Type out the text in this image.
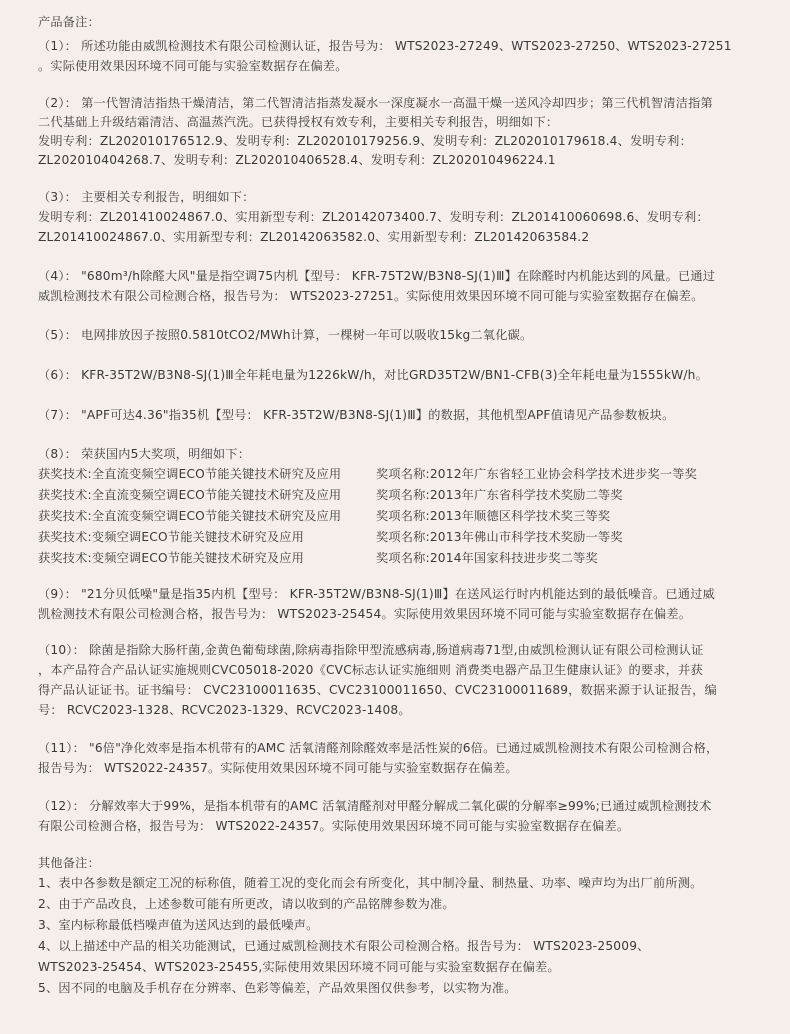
产品备注：
（1）： 所述功能由威凯检测技术有限公司检测认证，报告号为： WTS2023-27249、WTS2023-27250、WTS2023-27251
。实际使用效果因环境不同可能与实验室数据存在偏差。
（2）： 第一代智清洁指热干燥清洁，第二代智清洁指蒸发凝水一深度凝水一高温干燥一送风冷却四步；第三代机智清洁指第
二代基础上升级结霜清洁、高温蒸汽洗。已获得授权有效专利，主要相关专利报告，明细如下：
发明专利：ZL202010176512.9、发明专利：ZL202010179256.9、发明专利：ZL202010179618.4、发明专利：
ZL202010404268.7、发明专利：ZL202010406528.4、发明专利：ZL202010496224.1
（3）： 主要相关专利报告，明细如下：
发明专利：ZL201410024867.0、实用新型专利：ZL20142073400.7、发明专利：ZL201410060698.6、发明专利：
ZL201410024867.0、实用新型专利：ZL20142063582.0、实用新型专利：ZL20142063584.2
（4）： "680m³/h除醛大风"量是指空调75内机【型号： KFR-75T2W/B3N8-SJ(1)Ⅲ】在除醛时内机能达到的风量。已通过
威凯检测技术有限公司检测合格，报告号为： WTS2023-27251。实际使用效果因环境不同可能与实验室数据存在偏差。
（5）： 电网排放因子按照0.5810tCO2/MWh计算，一棵树一年可以吸收15kg二氧化碳。
（6）： KFR-35T2W/B3N8-SJ(1)Ⅲ全年耗电量为1226kW/h，对比GRD35T2W/BN1-CFB(3)全年耗电量为1555kW/h。
（7）： "APF可达4.36"指35机【型号： KFR-35T2W/B3N8-SJ(1)Ⅲ】的数据，其他机型APF值请见产品参数板块。
（8）： 荣获国内5大奖项，明细如下：
获奖技术:全直流变频空调ECO节能关键技术研究及应用	奖项名称:2012年广东省轻工业协会科学技术进步奖一等奖
获奖技术:全直流变频空调ECO节能关键技术研究及应用	奖项名称:2013年广东省科学技术奖励二等奖
获奖技术:全直流变频空调ECO节能关键技术研究及应用	奖项名称:2013年顺德区科学技术奖三等奖
获奖技术:变频空调ECO节能关键技术研究及应用	奖项名称:2013年佛山市科学技术奖励一等奖
获奖技术:变频空调ECO节能关键技术研究及应用	奖项名称:2014年国家科技进步奖二等奖
（9）： "21分贝低噪"量是指35内机【型号： KFR-35T2W/B3N8-SJ(1)Ⅲ】在送风运行时内机能达到的最低噪音。已通过威
凯检测技术有限公司检测合格，报告号为： WTS2023-25454。实际使用效果因环境不同可能与实验室数据存在偏差。
（10）： 除菌是指除大肠杆菌,金黄色葡萄球菌,除病毒指除甲型流感病毒,肠道病毒71型,由威凯检测认证有限公司检测认证
，本产品符合产品认证实施规则CVC05018-2020《CVC标志认证实施细则 消费类电器产品卫生健康认证》的要求，并获
得产品认证证书。证书编号： CVC23100011635、CVC23100011650、CVC23100011689，数据来源于认证报告，编
号： RCVC2023-1328、RCVC2023-1329、RCVC2023-1408。
（11）： "6倍"净化效率是指本机带有的AMC 活氧清醛剂除醛效率是活性炭的6倍。已通过威凯检测技术有限公司检测合格，
报告号为： WTS2022-24357。实际使用效果因环境不同可能与实验室数据存在偏差。
（12）： 分解效率大于99%，是指本机带有的AMC 活氧清醛剂对甲醛分解成二氧化碳的分解率≥99%;已通过威凯检测技术
有限公司检测合格，报告号为： WTS2022-24357。实际使用效果因环境不同可能与实验室数据存在偏差。
其他备注：
1、表中各参数是额定工况的标称值，随着工况的变化而会有所变化，其中制冷量、制热量、功率、噪声均为出厂前所测。
2、由于产品改良，上述参数可能有所更改，请以收到的产品铭牌参数为准。
3、室内标称最低档噪声值为送风达到的最低噪声。
4、以上描述中产品的相关功能测试，已通过威凯检测技术有限公司检测合格。报告号为： WTS2023-25009、
WTS2023-25454、WTS2023-25455,实际使用效果因环境不同可能与实验室数据存在偏差。
5、因不同的电脑及手机存在分辨率、色彩等偏差，产品效果图仅供参考，以实物为准。
